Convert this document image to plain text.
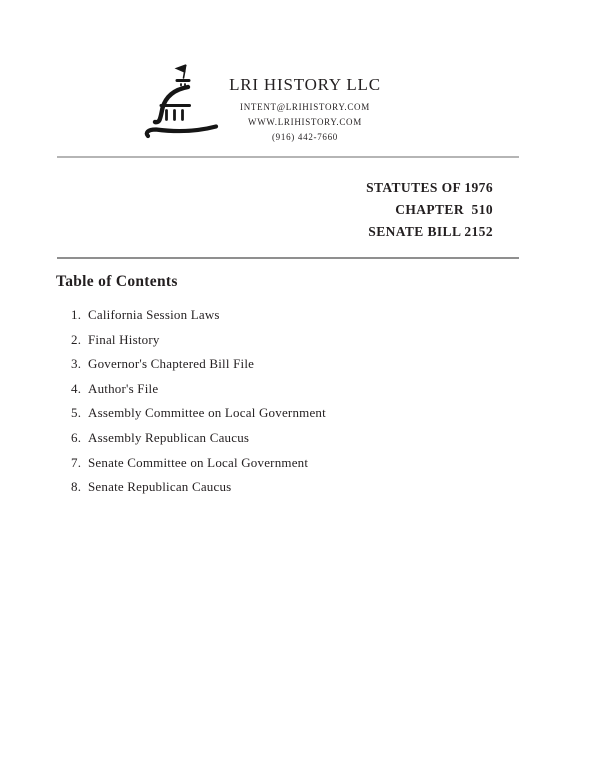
LRI HISTORY LLC
INTENT@LRIHISTORY.COM
WWW.LRIHISTORY.COM
(916) 442-7660
STATUTES OF 1976
CHAPTER  510
SENATE BILL 2152
Table of Contents
1. California Session Laws
2. Final History
3. Governor's Chaptered Bill File
4. Author's File
5. Assembly Committee on Local Government
6. Assembly Republican Caucus
7. Senate Committee on Local Government
8. Senate Republican Caucus
